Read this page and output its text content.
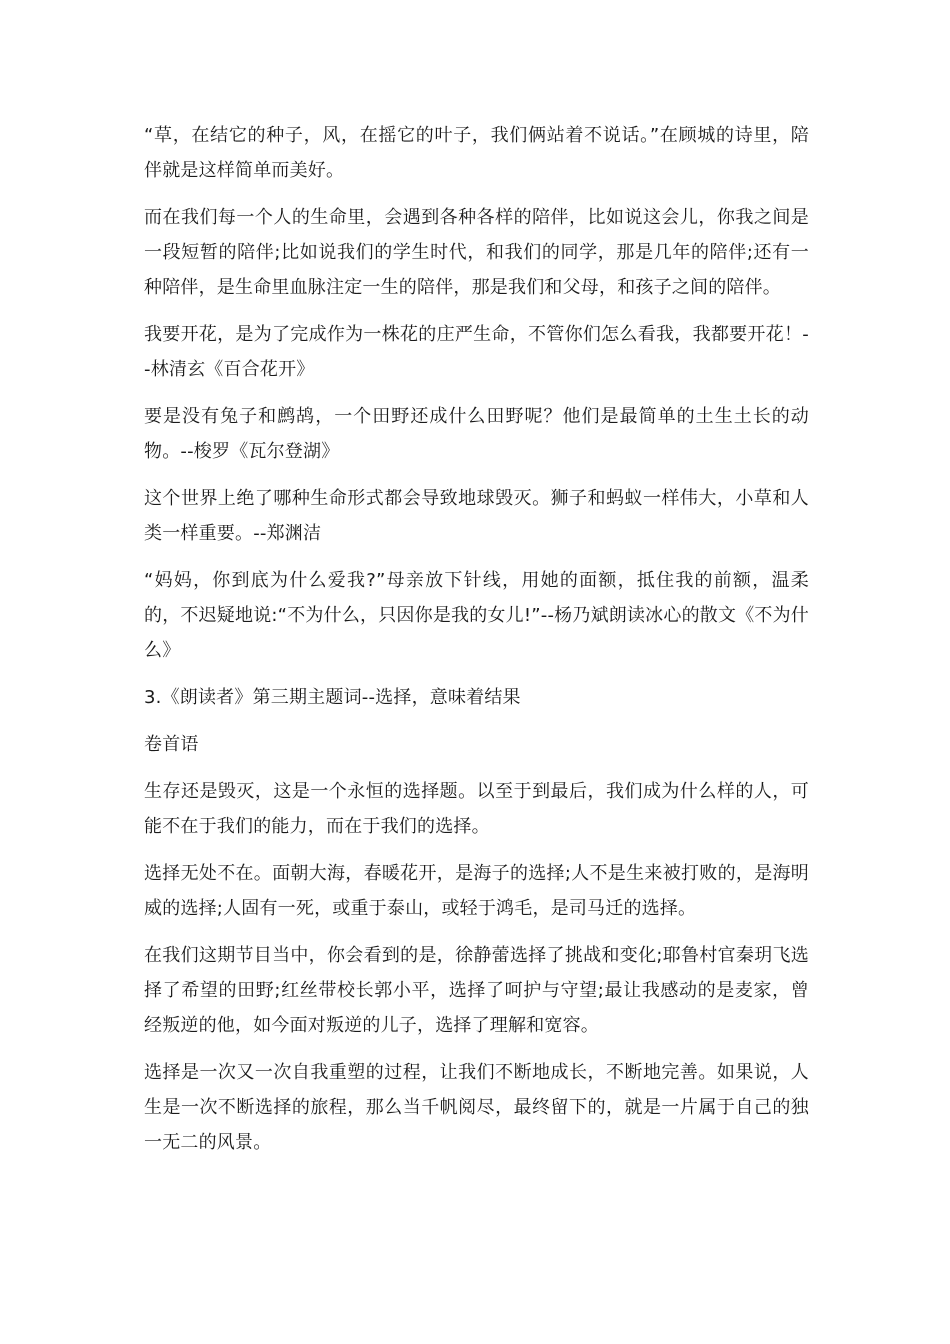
“草，在结它的种子，风，在摇它的叶子，我们俩站着不说话。”在顾城的诗里，陪伴就是这样简单而美好。

而在我们每一个人的生命里，会遇到各种各样的陪伴，比如说这会儿，你我之间是一段短暂的陪伴;比如说我们的学生时代，和我们的同学，那是几年的陪伴;还有一种陪伴，是生命里血脉注定一生的陪伴，那是我们和父母，和孩子之间的陪伴。

我要开花，是为了完成作为一株花的庄严生命，不管你们怎么看我，我都要开花！--林清玄《百合花开》

要是没有兔子和鹧鸪，一个田野还成什么田野呢？他们是最简单的土生土长的动物。--梭罗《瓦尔登湖》

这个世界上绝了哪种生命形式都会导致地球毁灭。狮子和蚂蚁一样伟大，小草和人类一样重要。--郑渊洁

“妈妈，你到底为什么爱我?”母亲放下针线，用她的面额，抵住我的前额，温柔的，不迟疑地说:“不为什么，只因你是我的女儿!”--杨乃斌朗读冰心的散文《不为什么》

3.《朗读者》第三期主题词--选择，意味着结果

卷首语

生存还是毁灭，这是一个永恒的选择题。以至于到最后，我们成为什么样的人，可能不在于我们的能力，而在于我们的选择。

选择无处不在。面朝大海，春暖花开，是海子的选择;人不是生来被打败的，是海明威的选择;人固有一死，或重于泰山，或轻于鸿毛，是司马迁的选择。

在我们这期节目当中，你会看到的是，徐静蕾选择了挑战和变化;耶鲁村官秦玥飞选择了希望的田野;红丝带校长郭小平，选择了呵护与守望;最让我感动的是麦家，曾经叛逆的他，如今面对叛逆的儿子，选择了理解和宽容。

选择是一次又一次自我重塑的过程，让我们不断地成长，不断地完善。如果说，人生是一次不断选择的旅程，那么当千帆阅尽，最终留下的，就是一片属于自己的独一无二的风景。
